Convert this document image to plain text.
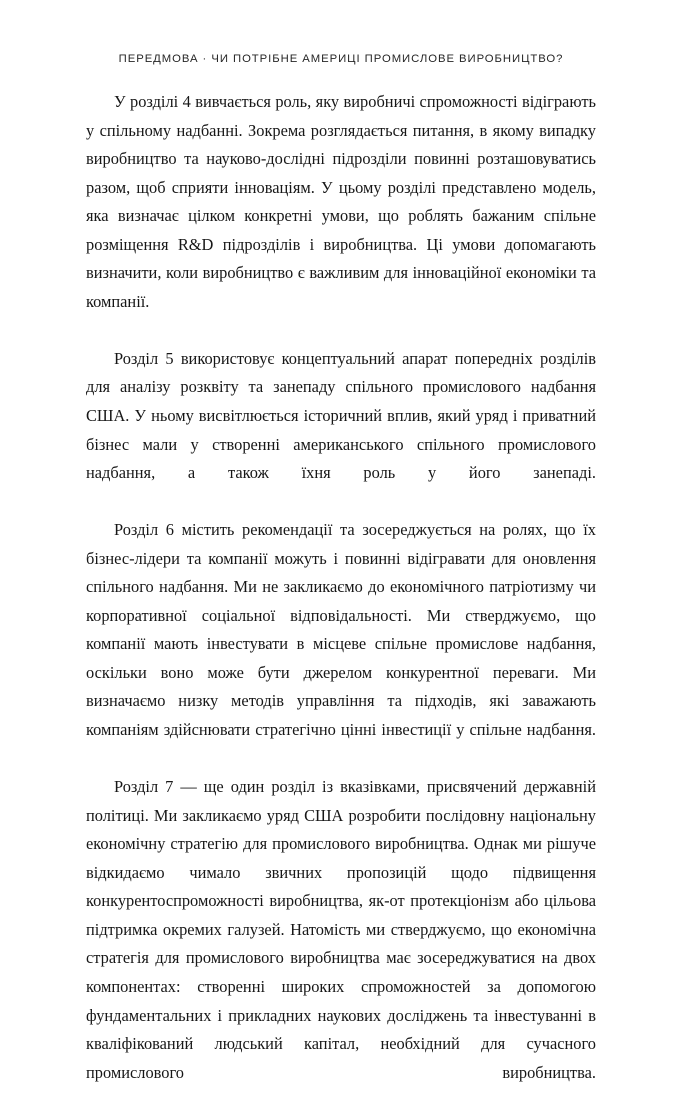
ПЕРЕДМОВА · ЧИ ПОТРІБНЕ АМЕРИЦІ ПРОМИСЛОВЕ ВИРОБНИЦТВО?

У розділі 4 вивчається роль, яку виробничі спроможності відіграють у спільному надбанні. Зокрема розглядається питання, в якому випадку виробництво та науково-дослідні підрозділи повинні розташовуватись разом, щоб сприяти інноваціям. У цьому розділі представлено модель, яка визначає цілком конкретні умови, що роблять бажаним спільне розміщення R&D підрозділів і виробництва. Ці умови допомагають визначити, коли виробництво є важливим для інноваційної економіки та компанії.

Розділ 5 використовує концептуальний апарат попередніх розділів для аналізу розквіту та занепаду спільного промислового надбання США. У ньому висвітлюється історичний вплив, який уряд і приватний бізнес мали у створенні американського спільного промислового надбання, а також їхня роль у його занепаді.

Розділ 6 містить рекомендації та зосереджується на ролях, що їх бізнес-лідери та компанії можуть і повинні відігравати для оновлення спільного надбання. Ми не закликаємо до економічного патріотизму чи корпоративної соціальної відповідальності. Ми стверджуємо, що компанії мають інвестувати в місцеве спільне промислове надбання, оскільки воно може бути джерелом конкурентної переваги. Ми визначаємо низку методів управління та підходів, які заважають компаніям здійснювати стратегічно цінні інвестиції у спільне надбання.

Розділ 7 — ще один розділ із вказівками, присвячений державній політиці. Ми закликаємо уряд США розробити послідовну національну економічну стратегію для промислового виробництва. Однак ми рішуче відкидаємо чимало звичних пропозицій щодо підвищення конкурентоспроможності виробництва, як-от протекціонізм або цільова підтримка окремих галузей. Натомість ми стверджуємо, що економічна стратегія для промислового виробництва має зосереджуватися на двох компонентах: створенні широких спроможностей за допомогою фундаментальних і прикладних наукових досліджень та інвестуванні в кваліфікований людський капітал, необхідний для сучасного промислового виробництва.
